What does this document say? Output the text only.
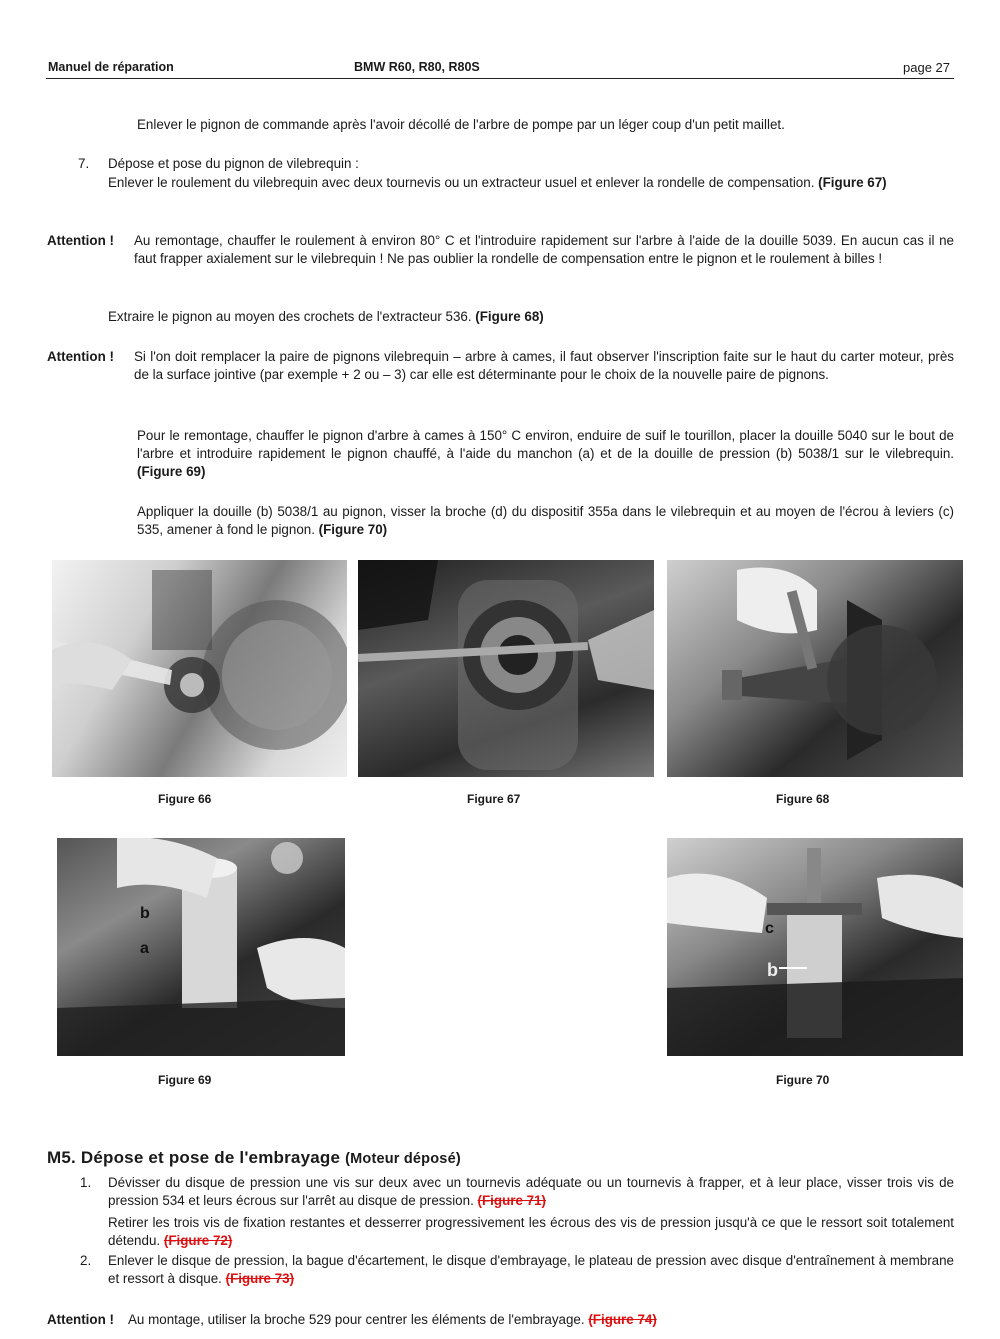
Manuel de réparation	BMW R60, R80, R80S	page 27
Enlever le pignon de commande après l'avoir décollé de l'arbre de pompe par un léger coup d'un petit maillet.
7. Dépose et pose du pignon de vilebrequin :
Enlever le roulement du vilebrequin avec deux tournevis ou un extracteur usuel et enlever la rondelle de compensation. (Figure 67)
Attention ! Au remontage, chauffer le roulement à environ 80° C et l'introduire rapidement sur l'arbre à l'aide de la douille 5039. En aucun cas il ne faut frapper axialement sur le vilebrequin ! Ne pas oublier la rondelle de compensation entre le pignon et le roulement à billes !
Extraire le pignon au moyen des crochets de l'extracteur 536. (Figure 68)
Attention ! Si l'on doit remplacer la paire de pignons vilebrequin – arbre à cames, il faut observer l'inscription faite sur le haut du carter moteur, près de la surface jointive (par exemple + 2 ou – 3) car elle est déterminante pour le choix de la nouvelle paire de pignons.
Pour le remontage, chauffer le pignon d'arbre à cames à 150° C environ, enduire de suif le tourillon, placer la douille 5040 sur le bout de l'arbre et introduire rapidement le pignon chauffé, à l'aide du manchon (a) et de la douille de pression (b) 5038/1 sur le vilebrequin. (Figure 69)
Appliquer la douille (b) 5038/1 au pignon, visser la broche (d) du dispositif 355a dans le vilebrequin et au moyen de l'écrou à leviers (c) 535, amener à fond le pignon. (Figure 70)
Figure 66	Figure 67	Figure 68
b
a
c
b
Figure 69	Figure 70
M5. Dépose et pose de l'embrayage (Moteur déposé)
1. Dévisser du disque de pression une vis sur deux avec un tournevis adéquate ou un tournevis à frapper, et à leur place, visser trois vis de pression 534 et leurs écrous sur l'arrêt au disque de pression. (Figure 71)
Retirer les trois vis de fixation restantes et desserrer progressivement les écrous des vis de pression jusqu'à ce que le ressort soit totalement détendu. (Figure 72)
2. Enlever le disque de pression, la bague d'écartement, le disque d'embrayage, le plateau de pression avec disque d'entraînement à membrane et ressort à disque. (Figure 73)
Attention ! Au montage, utiliser la broche 529 pour centrer les éléments de l'embrayage. (Figure 74)
